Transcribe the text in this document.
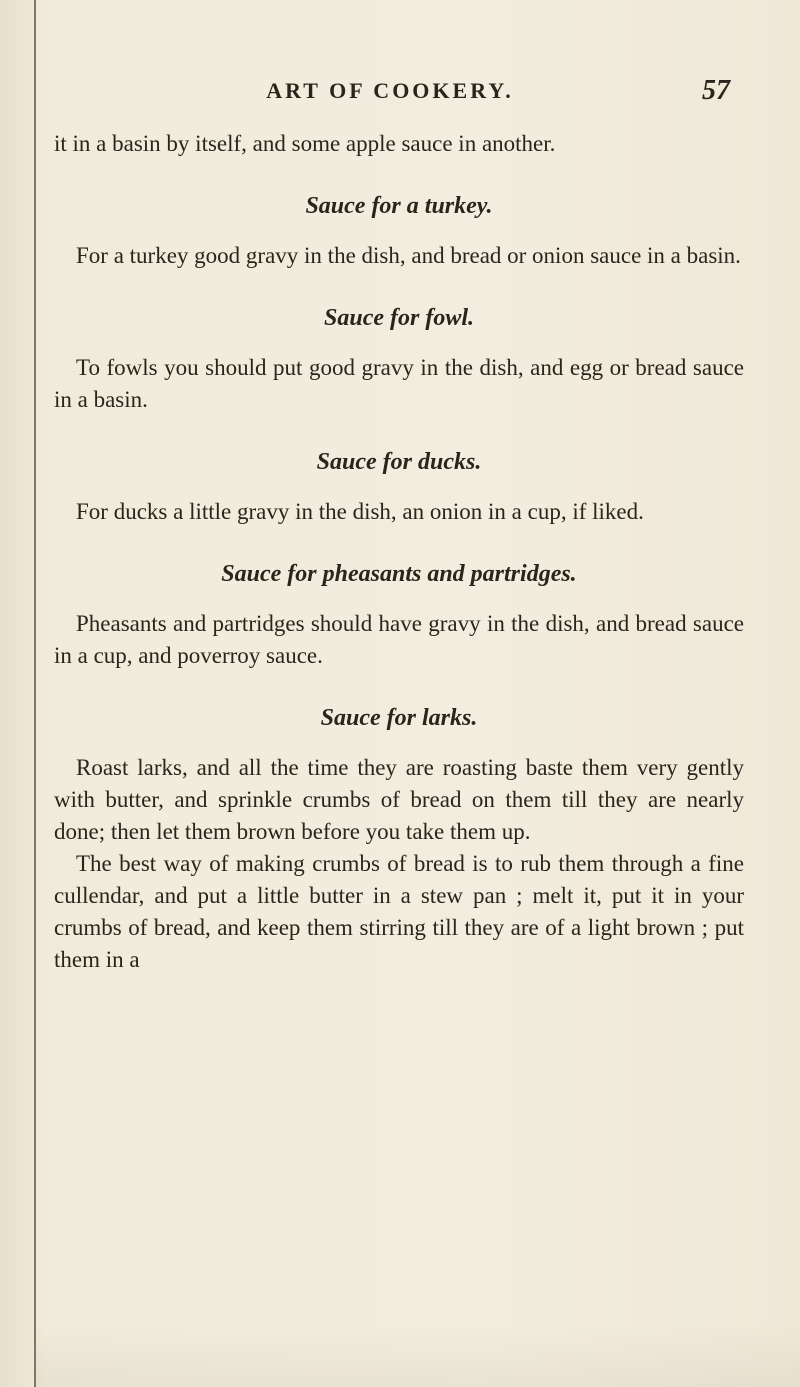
ART OF COOKERY.	57

it in a basin by itself, and some apple sauce in another.

Sauce for a turkey.

For a turkey good gravy in the dish, and bread or onion sauce in a basin.

Sauce for fowl.

To fowls you should put good gravy in the dish, and egg or bread sauce in a basin.

Sauce for ducks.

For ducks a little gravy in the dish, an onion in a cup, if liked.

Sauce for pheasants and partridges.

Pheasants and partridges should have gravy in the dish, and bread sauce in a cup, and poverroy sauce.

Sauce for larks.

Roast larks, and all the time they are roasting baste them very gently with butter, and sprinkle crumbs of bread on them till they are nearly done; then let them brown before you take them up.

The best way of making crumbs of bread is to rub them through a fine cullendar, and put a little butter in a stew pan ; melt it, put it in your crumbs of bread, and keep them stirring till they are of a light brown ; put them in a
